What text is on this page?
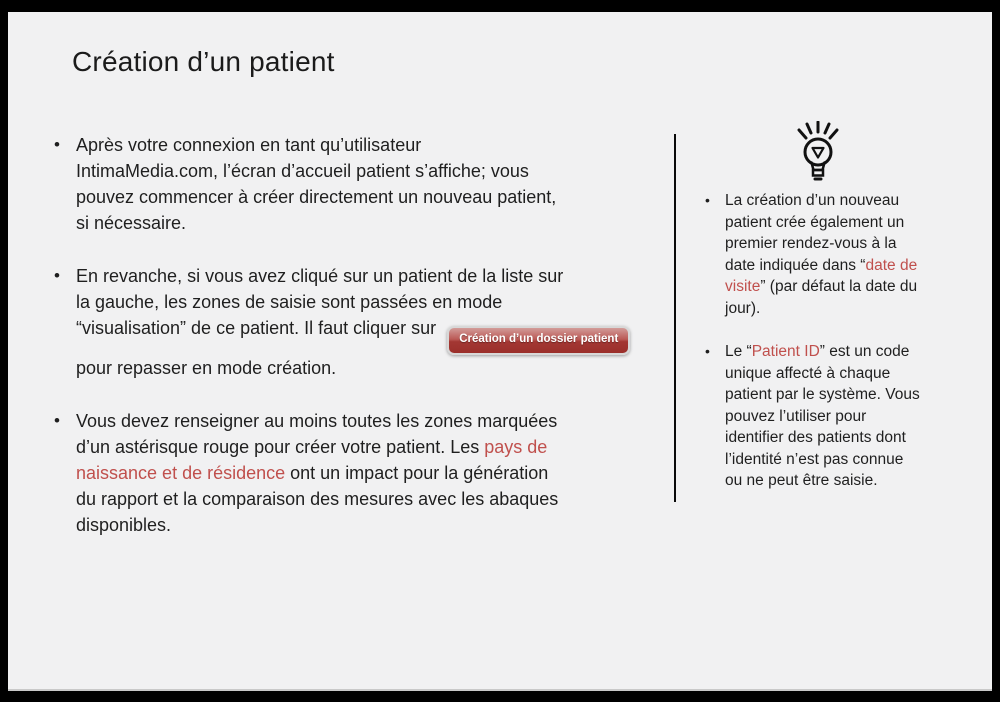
Création d’un patient
• Après votre connexion en tant qu’utilisateur
IntimaMedia.com, l’écran d’accueil patient s’affiche; vous
pouvez commencer à créer directement un nouveau patient,
si nécessaire.
• En revanche, si vous avez cliqué sur un patient de la liste sur
la gauche, les zones de saisie sont passées en mode
“visualisation” de ce patient. Il faut cliquer surCréation d’un dossier patient
pour repasser en mode création.
• Vous devez renseigner au moins toutes les zones marquées
d’un astérisque rouge pour créer votre patient. Les pays de
naissance et de résidence ont un impact pour la génération
du rapport et la comparaison des mesures avec les abaques
disponibles.
• La création d’un nouveau
patient crée également un
premier rendez-vous à la
date indiquée dans “date de
visite” (par défaut la date du
jour).
• Le “Patient ID” est un code
unique affecté à chaque
patient par le système. Vous
pouvez l’utiliser pour
identifier des patients dont
l’identité n’est pas connue
ou ne peut être saisie.
